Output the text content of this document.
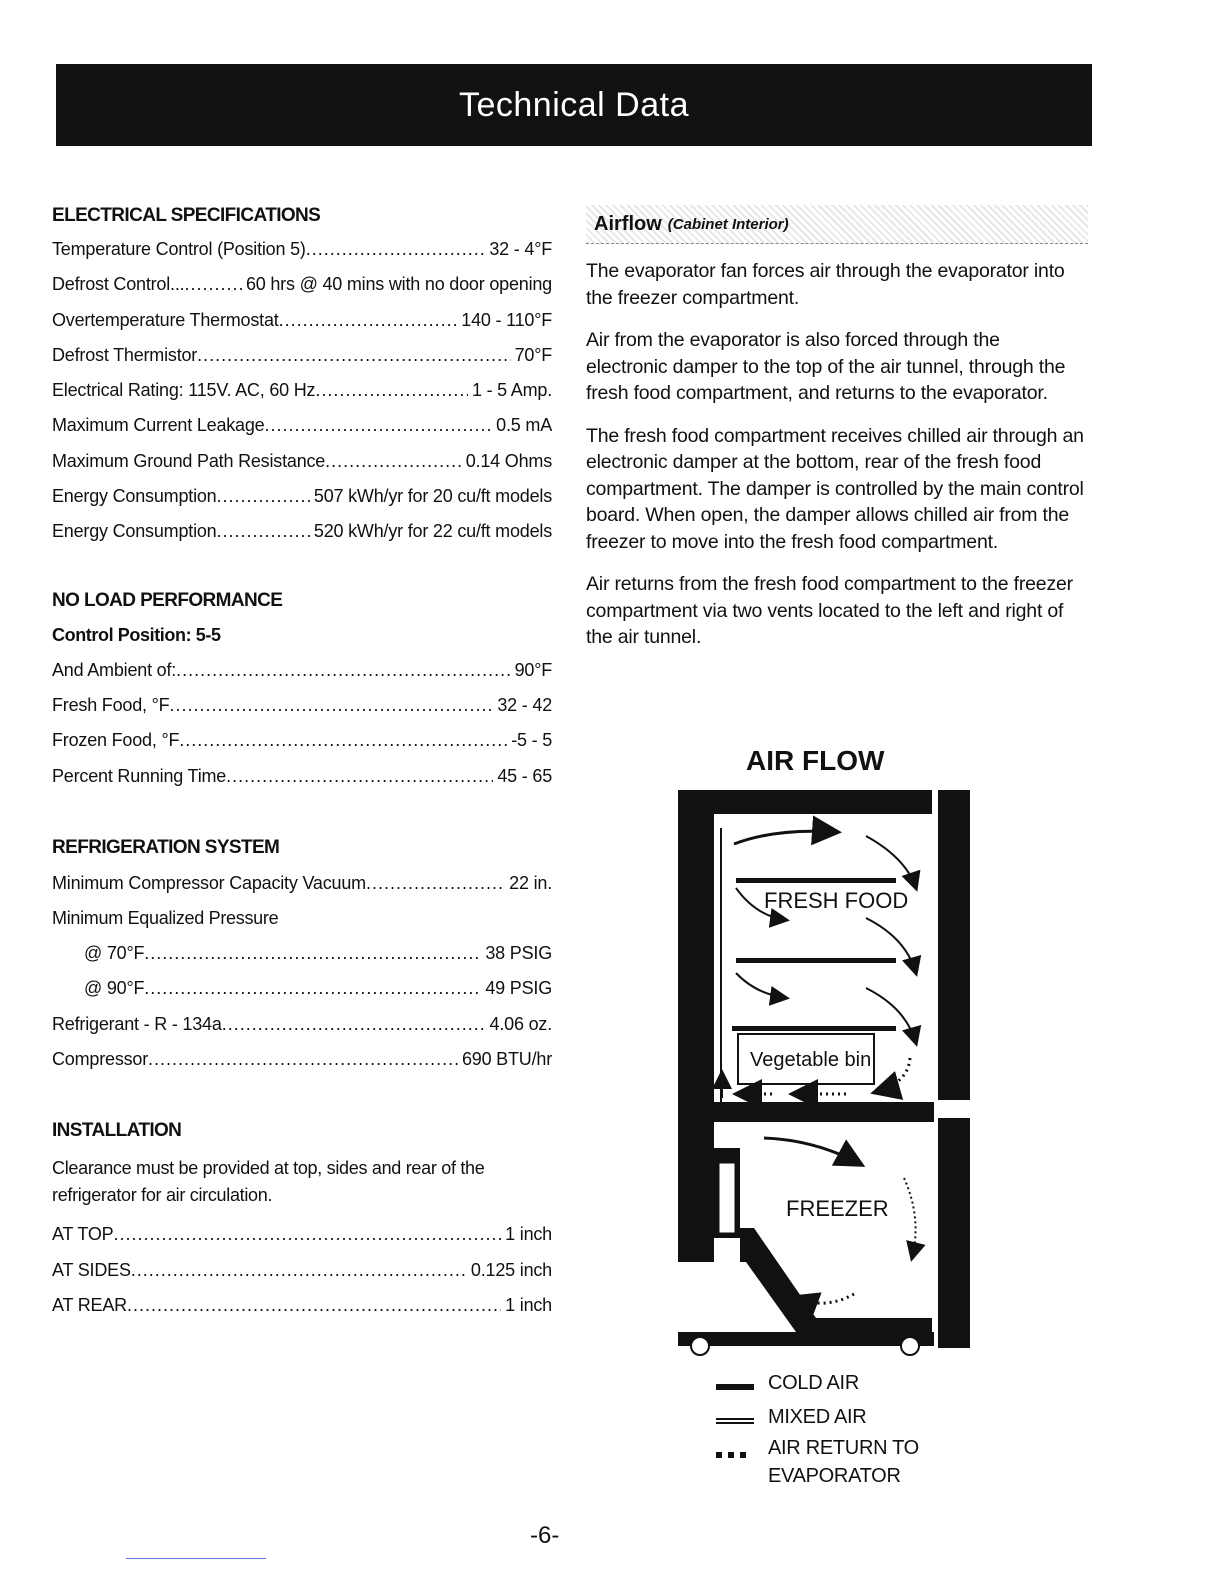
Technical Data
ELECTRICAL SPECIFICATIONS
Temperature Control (Position 5) .....	32 - 4°F
Defrost Control... .....	60 hrs @ 40 mins with no door opening
Overtemperature Thermostat .....	140 - 110°F
Defrost Thermistor .....	70°F
Electrical Rating: 115V. AC, 60 Hz .....	1 - 5 Amp.
Maximum Current Leakage .....	0.5 mA
Maximum Ground Path Resistance .....	0.14 Ohms
Energy Consumption .....	507 kWh/yr for 20 cu/ft models
Energy Consumption .....	520 kWh/yr for 22 cu/ft models
NO LOAD PERFORMANCE
Control Position: 5-5
And Ambient of: .....	90°F
Fresh Food, °F .....	32 - 42
Frozen Food, °F .....	-5 - 5
Percent Running Time .....	45 - 65
REFRIGERATION SYSTEM
Minimum Compressor Capacity Vacuum .....	22 in.
Minimum Equalized Pressure
@ 70°F .....	38 PSIG
@ 90°F .....	49 PSIG
Refrigerant - R - 134a .....	4.06 oz.
Compressor .....	690 BTU/hr
INSTALLATION
Clearance must be provided at top, sides and rear of the refrigerator for air circulation.
AT TOP .....	1 inch
AT SIDES .....	0.125 inch
AT REAR .....	1 inch
Airflow (Cabinet Interior)

The evaporator fan forces air through the evaporator into the freezer compartment.

Air from the evaporator is also forced through the electronic damper to the top of the air tunnel, through the fresh food compartment, and returns to the evaporator.

The fresh food compartment receives chilled air through an electronic damper at the bottom, rear of the fresh food compartment. The damper is controlled by the main control board. When open, the damper allows chilled air from the freezer to move into the fresh food compartment.

Air returns from the fresh food compartment to the freezer compartment via two vents located to the left and right of the air tunnel.

AIR FLOW
Vegetable bin
FRESH FOOD
FREEZER
COLD AIR
MIXED AIR
AIR RETURN TO EVAPORATOR
-6-
